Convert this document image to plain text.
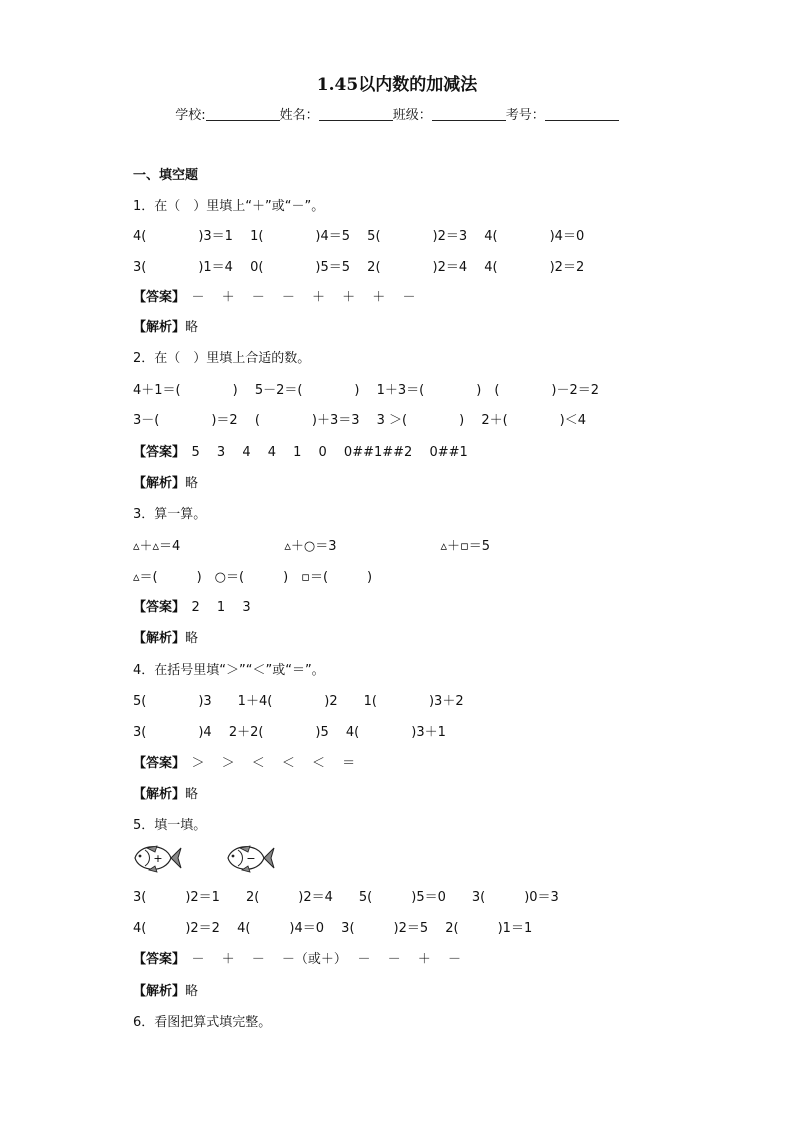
1.45以内数的加减法
学校:	姓名：	班级：	考号：
一、填空题
1．在（　）里填上“＋”或“－”。
4(　　　　)3＝1　 1(　　　　)4＝5　 5(　　　　)2＝3　 4(　　　　)4＝0
3(　　　　)1＝4　 0(　　　　)5＝5　 2(　　　　)2＝4　 4(　　　　)2＝2
【答案】　－　 ＋　 －　 －　 ＋　 ＋　 ＋　 －
【解析】略
2．在（　）里填上合适的数。
4＋1＝(　　　　)　 5－2＝(　　　　)　 1＋3＝(　　　　)　(　　　　)－2＝2
3－(　　　　)＝2　 (　　　　)＋3＝3　 3 ＞(　　　　)　 2＋(　　　　)＜4
【答案】　5　 3　 4　 4　 1　 0　 0##1##2　 0##1
【解析】略
3．算一算。
▵＋▵＝4　　　　　　　　▵＋○＝3　　　　　　　　▵＋▫＝5
▵＝(　　　)　○＝(　　　)　▫＝(　　　)
【答案】　2　 1　 3
【解析】略
4．在括号里填“＞”“＜”或“＝”。
5(　　　　)3　　1＋4(　　　　)2　　1(　　　　)3＋2
3(　　　　)4　 2＋2(　　　　)5　 4(　　　　)3＋1
【答案】　＞　 ＞　 ＜　 ＜　 ＜　 ＝
【解析】略
5．填一填。
+	−
3(　　　)2＝1　　2(　　　)2＝4　　5(　　　)5＝0　　3(　　　)0＝3
4(　　　)2＝2　 4(　　　)4＝0　 3(　　　)2＝5　 2(　　　)1＝1
【答案】　－　 ＋　 －　 －（或＋）　 －　 －　 ＋　 －
【解析】略
6．看图把算式填完整。
